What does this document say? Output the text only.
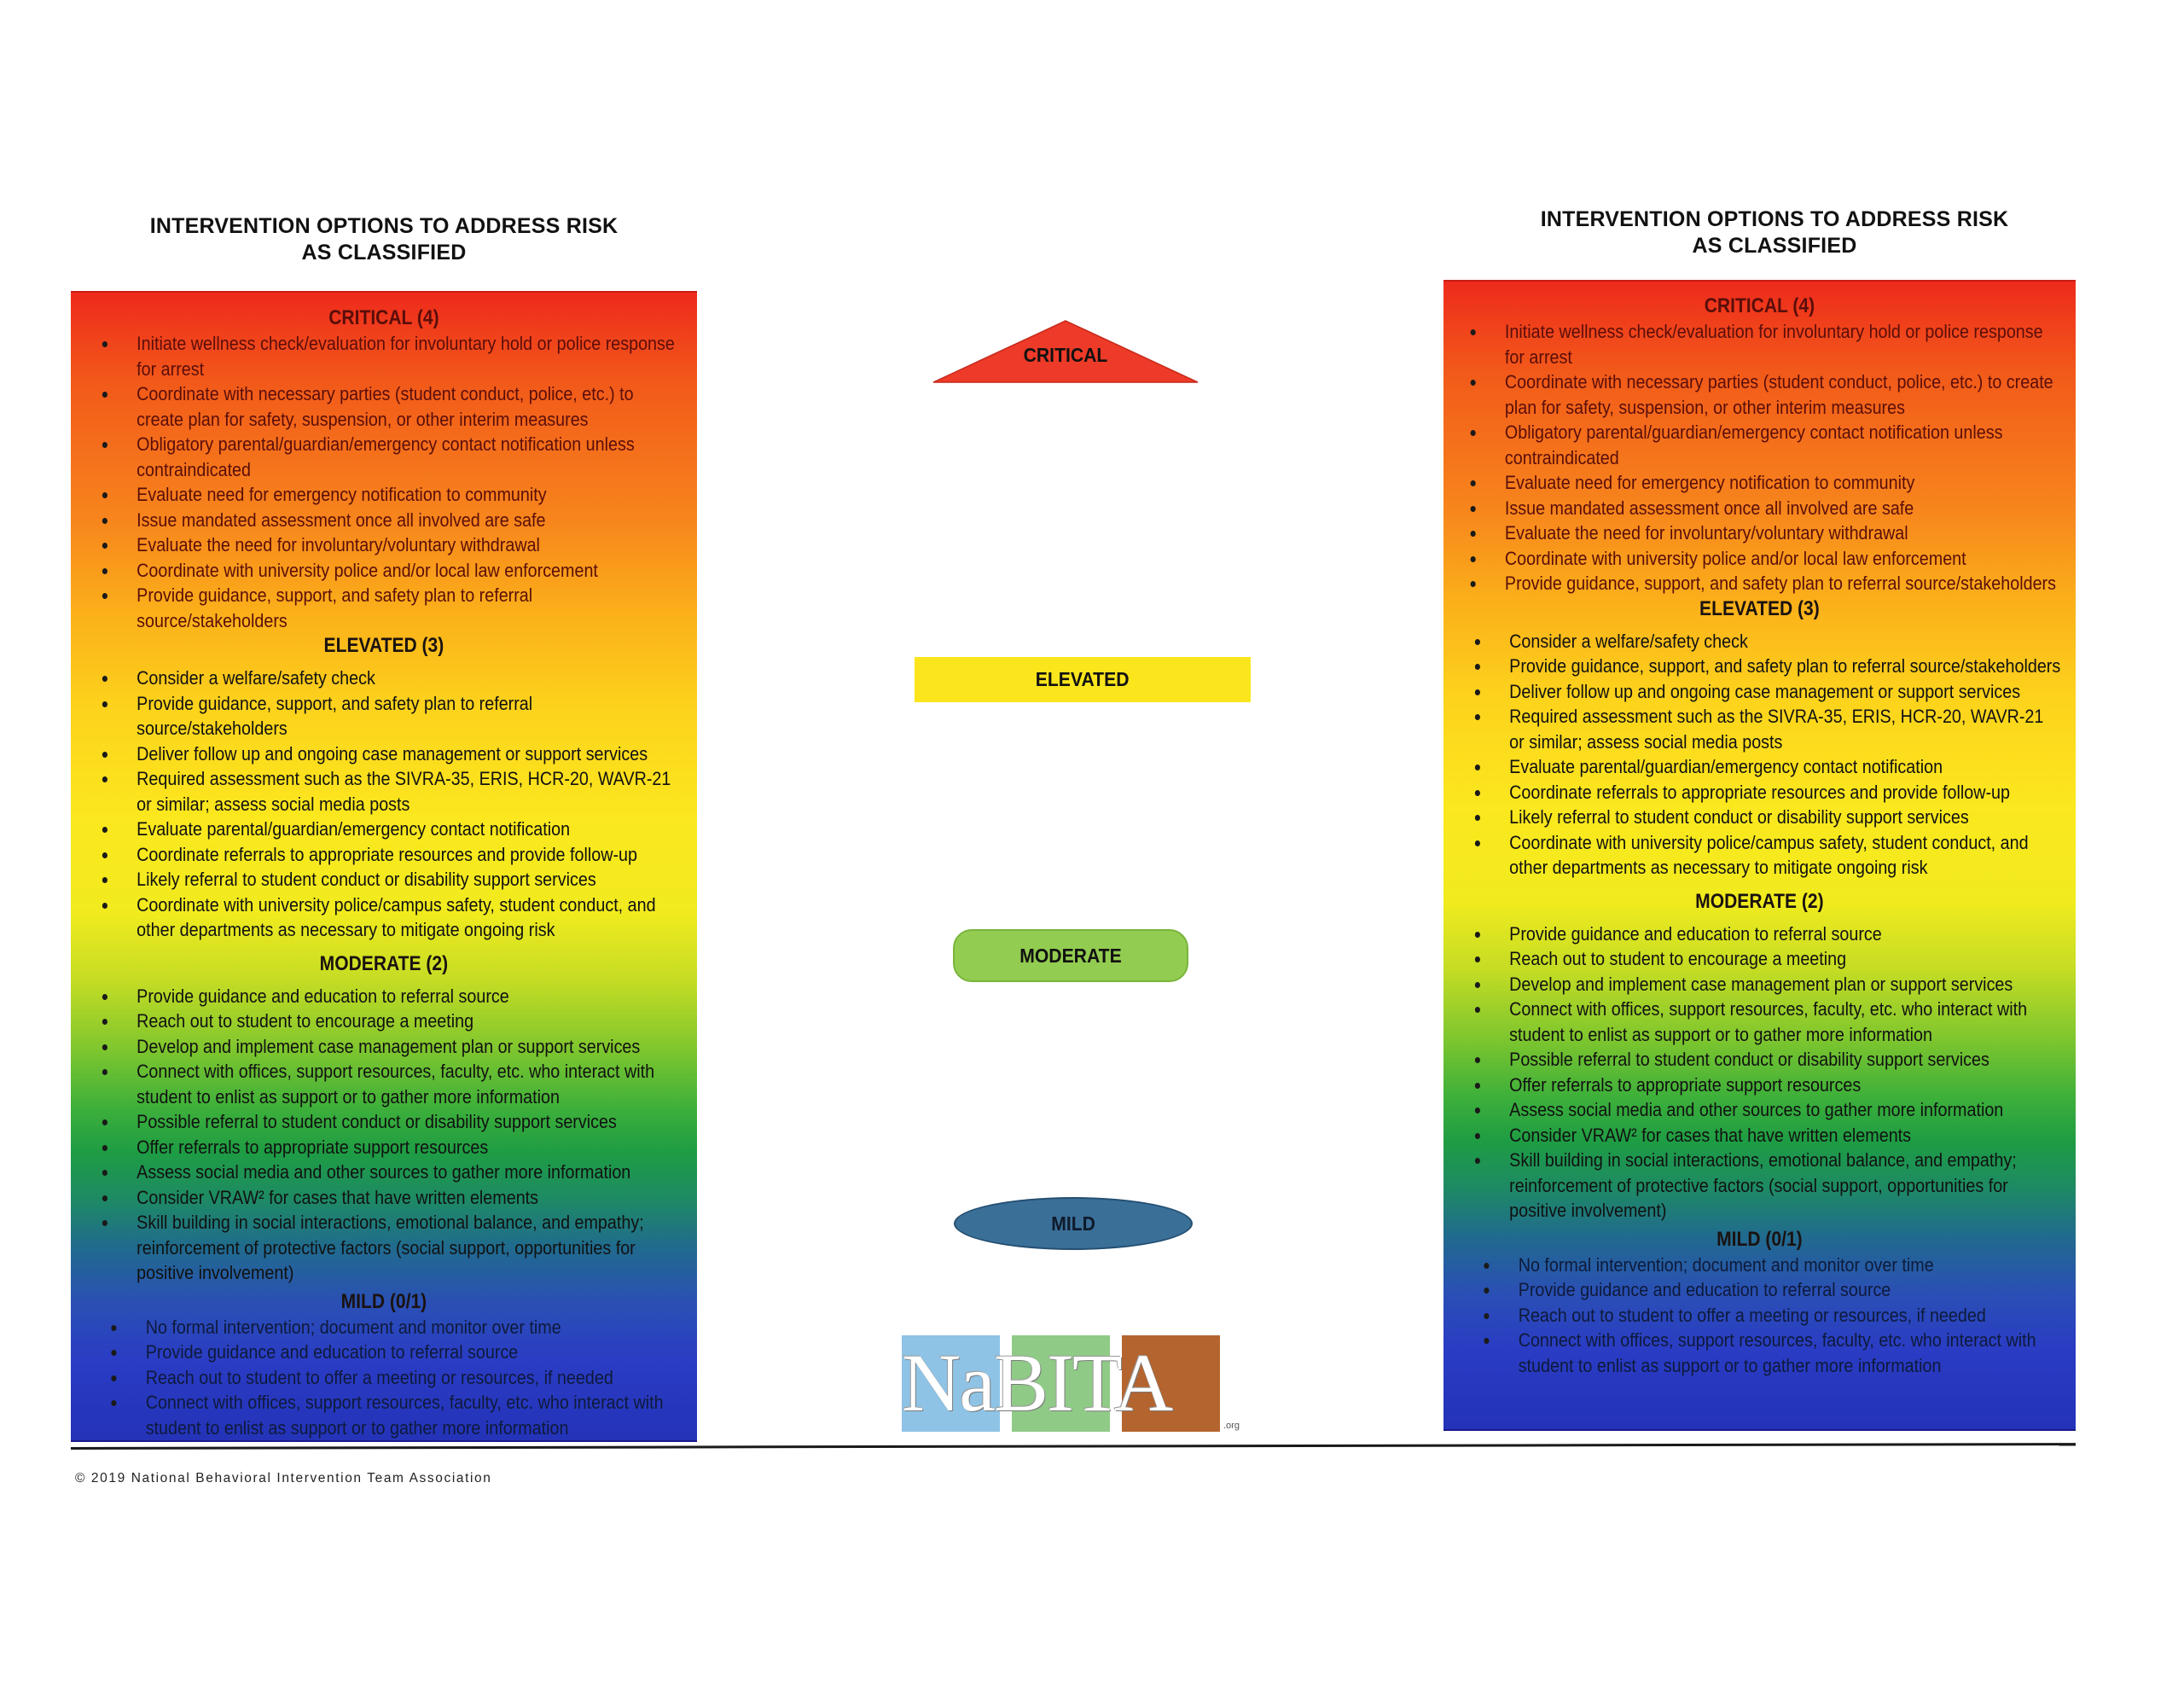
INTERVENTION OPTIONS TO ADDRESS RISK
AS CLASSIFIED
CRITICAL (4)
Initiate wellness check/evaluation for involuntary hold or police response for arrest
Coordinate with necessary parties (student conduct, police, etc.) to create plan for safety, suspension, or other interim measures
Obligatory parental/guardian/emergency contact notification unless contraindicated
Evaluate need for emergency notification to community
Issue mandated assessment once all involved are safe
Evaluate the need for involuntary/voluntary withdrawal
Coordinate with university police and/or local law enforcement
Provide guidance, support, and safety plan to referral source/stakeholders
ELEVATED (3)
Consider a welfare/safety check
Provide guidance, support, and safety plan to referral source/stakeholders
Deliver follow up and ongoing case management or support services
Required assessment such as the SIVRA-35, ERIS, HCR-20, WAVR-21 or similar; assess social media posts
Evaluate parental/guardian/emergency contact notification
Coordinate referrals to appropriate resources and provide follow-up
Likely referral to student conduct or disability support services
Coordinate with university police/campus safety, student conduct, and other departments as necessary to mitigate ongoing risk
MODERATE (2)
Provide guidance and education to referral source
Reach out to student to encourage a meeting
Develop and implement case management plan or support services
Connect with offices, support resources, faculty, etc. who interact with student to enlist as support or to gather more information
Possible referral to student conduct or disability support services
Offer referrals to appropriate support resources
Assess social media and other sources to gather more information
Consider VRAW² for cases that have written elements
Skill building in social interactions, emotional balance, and empathy; reinforcement of protective factors (social support, opportunities for positive involvement)
MILD (0/1)
No formal intervention; document and monitor over time
Provide guidance and education to referral source
Reach out to student to offer a meeting or resources, if needed
Connect with offices, support resources, faculty, etc. who interact with student to enlist as support or to gather more information
CRITICAL
ELEVATED
MODERATE
MILD
NaBITA	.org
INTERVENTION OPTIONS TO ADDRESS RISK
AS CLASSIFIED
CRITICAL (4)
Initiate wellness check/evaluation for involuntary hold or police response for arrest
Coordinate with necessary parties (student conduct, police, etc.) to create plan for safety, suspension, or other interim measures
Obligatory parental/guardian/emergency contact notification unless contraindicated
Evaluate need for emergency notification to community
Issue mandated assessment once all involved are safe
Evaluate the need for involuntary/voluntary withdrawal
Coordinate with university police and/or local law enforcement
Provide guidance, support, and safety plan to referral source/stakeholders
ELEVATED (3)
Consider a welfare/safety check
Provide guidance, support, and safety plan to referral source/stakeholders
Deliver follow up and ongoing case management or support services
Required assessment such as the SIVRA-35, ERIS, HCR-20, WAVR-21 or similar; assess social media posts
Evaluate parental/guardian/emergency contact notification
Coordinate referrals to appropriate resources and provide follow-up
Likely referral to student conduct or disability support services
Coordinate with university police/campus safety, student conduct, and other departments as necessary to mitigate ongoing risk
MODERATE (2)
Provide guidance and education to referral source
Reach out to student to encourage a meeting
Develop and implement case management plan or support services
Connect with offices, support resources, faculty, etc. who interact with student to enlist as support or to gather more information
Possible referral to student conduct or disability support services
Offer referrals to appropriate support resources
Assess social media and other sources to gather more information
Consider VRAW² for cases that have written elements
Skill building in social interactions, emotional balance, and empathy; reinforcement of protective factors (social support, opportunities for positive involvement)
MILD (0/1)
No formal intervention; document and monitor over time
Provide guidance and education to referral source
Reach out to student to offer a meeting or resources, if needed
Connect with offices, support resources, faculty, etc. who interact with student to enlist as support or to gather more information
© 2019 National Behavioral Intervention Team Association
